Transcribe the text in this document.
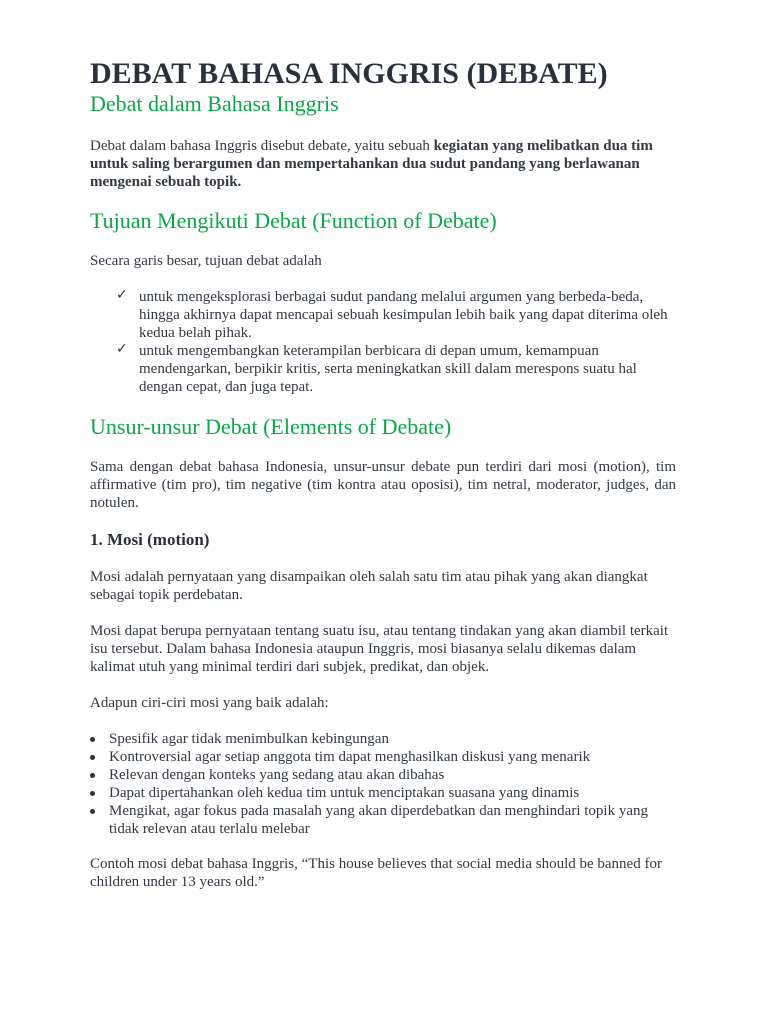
DEBAT BAHASA INGGRIS (DEBATE)
Debat dalam Bahasa Inggris

Debat dalam bahasa Inggris disebut debate, yaitu sebuah kegiatan yang melibatkan dua tim untuk saling berargumen dan mempertahankan dua sudut pandang yang berlawanan mengenai sebuah topik.

Tujuan Mengikuti Debat (Function of Debate)

Secara garis besar, tujuan debat adalah

✓ untuk mengeksplorasi berbagai sudut pandang melalui argumen yang berbeda-beda, hingga akhirnya dapat mencapai sebuah kesimpulan lebih baik yang dapat diterima oleh kedua belah pihak.
✓ untuk mengembangkan keterampilan berbicara di depan umum, kemampuan mendengarkan, berpikir kritis, serta meningkatkan skill dalam merespons suatu hal dengan cepat, dan juga tepat.
Unsur-unsur Debat (Elements of Debate)

Sama dengan debat bahasa Indonesia, unsur-unsur debate pun terdiri dari mosi (motion), tim affirmative (tim pro), tim negative (tim kontra atau oposisi), tim netral, moderator, judges, dan notulen.

1. Mosi (motion)

Mosi adalah pernyataan yang disampaikan oleh salah satu tim atau pihak yang akan diangkat sebagai topik perdebatan.

Mosi dapat berupa pernyataan tentang suatu isu, atau tentang tindakan yang akan diambil terkait isu tersebut. Dalam bahasa Indonesia ataupun Inggris, mosi biasanya selalu dikemas dalam kalimat utuh yang minimal terdiri dari subjek, predikat, dan objek.

Adapun ciri-ciri mosi yang baik adalah:

Spesifik agar tidak menimbulkan kebingungan
Kontroversial agar setiap anggota tim dapat menghasilkan diskusi yang menarik
Relevan dengan konteks yang sedang atau akan dibahas
Dapat dipertahankan oleh kedua tim untuk menciptakan suasana yang dinamis
Mengikat, agar fokus pada masalah yang akan diperdebatkan dan menghindari topik yang tidak relevan atau terlalu melebar

Contoh mosi debat bahasa Inggris, “This house believes that social media should be banned for children under 13 years old.”
